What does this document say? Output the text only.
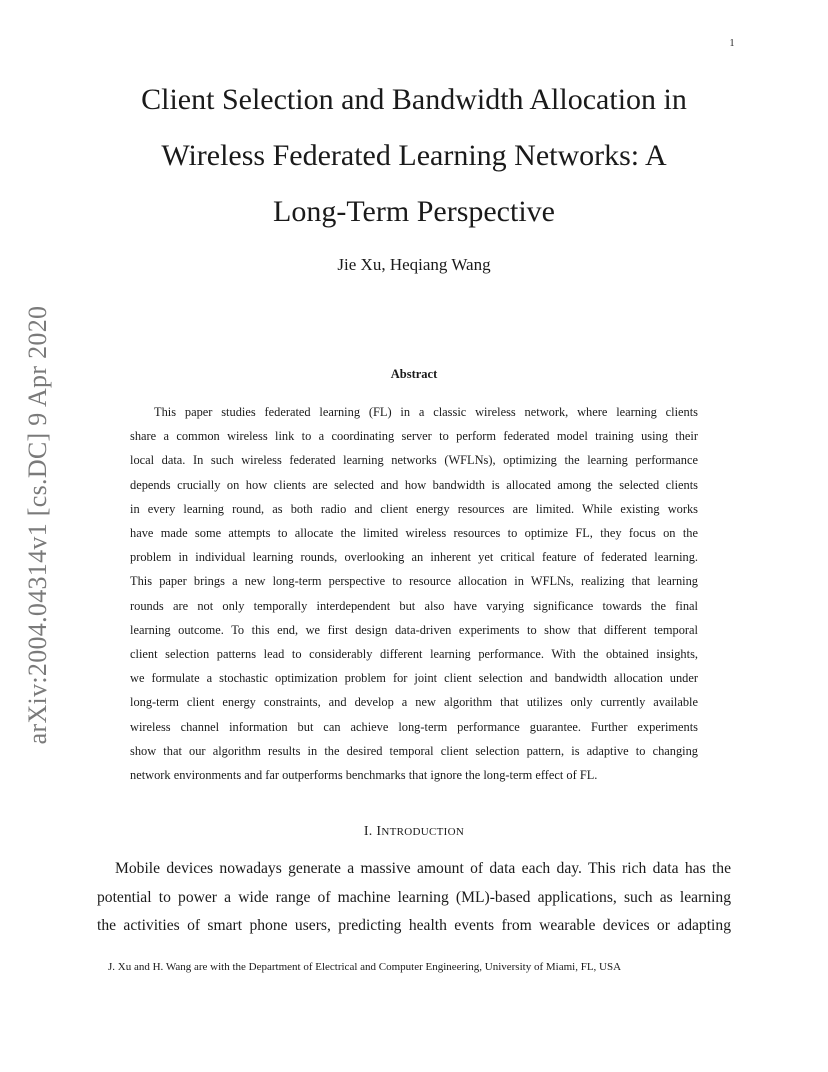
1
arXiv:2004.04314v1 [cs.DC] 9 Apr 2020
Client Selection and Bandwidth Allocation in
Wireless Federated Learning Networks: A
Long-Term Perspective
Jie Xu, Heqiang Wang
Abstract
This paper studies federated learning (FL) in a classic wireless network, where learning clients
share a common wireless link to a coordinating server to perform federated model training using their
local data. In such wireless federated learning networks (WFLNs), optimizing the learning performance
depends crucially on how clients are selected and how bandwidth is allocated among the selected clients
in every learning round, as both radio and client energy resources are limited. While existing works
have made some attempts to allocate the limited wireless resources to optimize FL, they focus on the
problem in individual learning rounds, overlooking an inherent yet critical feature of federated learning.
This paper brings a new long-term perspective to resource allocation in WFLNs, realizing that learning
rounds are not only temporally interdependent but also have varying significance towards the final
learning outcome. To this end, we first design data-driven experiments to show that different temporal
client selection patterns lead to considerably different learning performance. With the obtained insights,
we formulate a stochastic optimization problem for joint client selection and bandwidth allocation under
long-term client energy constraints, and develop a new algorithm that utilizes only currently available
wireless channel information but can achieve long-term performance guarantee. Further experiments
show that our algorithm results in the desired temporal client selection pattern, is adaptive to changing
network environments and far outperforms benchmarks that ignore the long-term effect of FL.
I. INTRODUCTION
Mobile devices nowadays generate a massive amount of data each day. This rich data has the
potential to power a wide range of machine learning (ML)-based applications, such as learning
the activities of smart phone users, predicting health events from wearable devices or adapting
J. Xu and H. Wang are with the Department of Electrical and Computer Engineering, University of Miami, FL, USA
